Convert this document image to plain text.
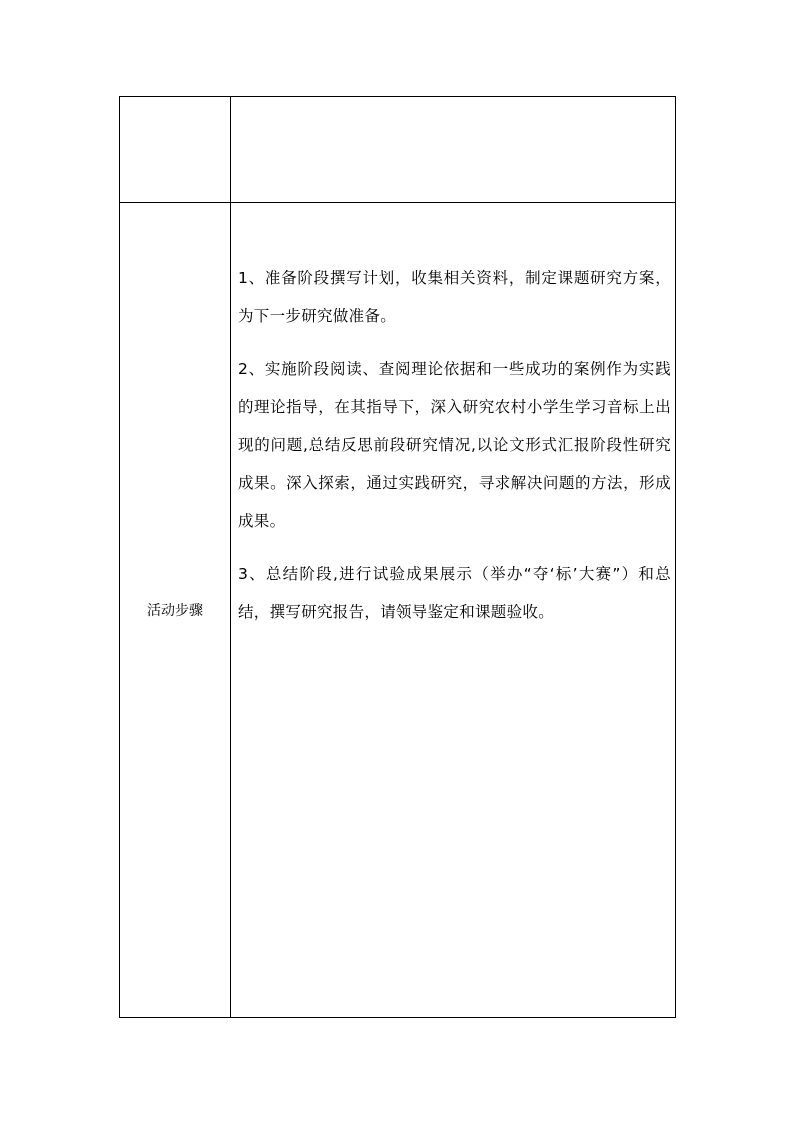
活动步骤

1、准备阶段撰写计划，收集相关资料，制定课题研究方案，为下一步研究做准备。

2、实施阶段阅读、查阅理论依据和一些成功的案例作为实践的理论指导，在其指导下，深入研究农村小学生学习音标上出现的问题,总结反思前段研究情况,以论文形式汇报阶段性研究成果。深入探索，通过实践研究，寻求解决问题的方法，形成成果。

3、总结阶段,进行试验成果展示（举办“夺‘标’大赛”）和总结，撰写研究报告，请领导鉴定和课题验收。
